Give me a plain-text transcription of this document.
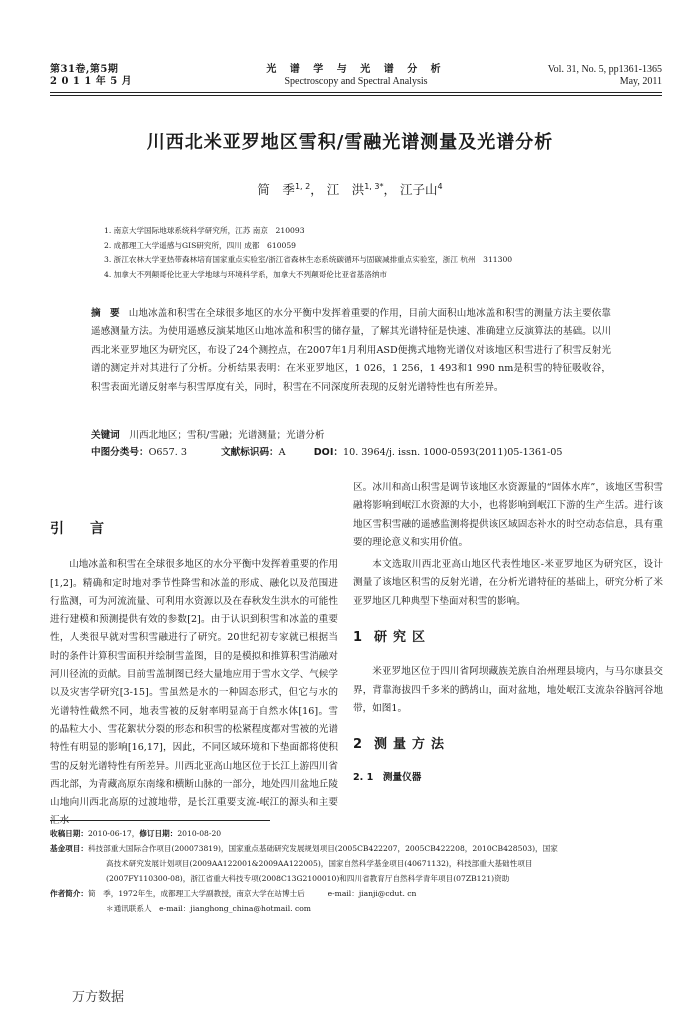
第31卷,第5期
2 0 1 1 年 5 月
光 谱 学 与 光 谱 分 析
Spectroscopy and Spectral Analysis
Vol. 31, No. 5, pp1361-1365
May, 2011
川西北米亚罗地区雪积/雪融光谱测量及光谱分析
简　季$^{1, 2}$， 江　洪$^{1, 3*}$， 江子山$^4$
1. 南京大学国际地球系统科学研究所，江苏 南京　210093
2. 成都理工大学遥感与GIS研究所，四川 成都　610059
3. 浙江农林大学亚热带森林培育国家重点实验室/浙江省森林生态系统碳循环与固碳减排重点实验室，浙江 杭州　311300
4. 加拿大不列颠哥伦比亚大学地球与环境科学系，加拿大不列颠哥伦比亚省基洛纳市
摘 要 山地冰盖和积雪在全球很多地区的水分平衡中发挥着重要的作用，目前大面积山地冰盖和积雪的测量方法主要依靠遥感测量方法。为使用遥感反演某地区山地冰盖和积雪的储存量，了解其光谱特征是快速、准确建立反演算法的基础。以川西北米亚罗地区为研究区，布设了24个测控点，在2007年1月利用ASD便携式地物光谱仪对该地区积雪进行了积雪反射光谱的测定并对其进行了分析。分析结果表明：在米亚罗地区，1 026，1 256，1 493和1 990 nm是积雪的特征吸收谷，积雪表面光谱反射率与积雪厚度有关，同时，积雪在不同深度所表现的反射光谱特性也有所差异。
关键词　 川西北地区；雪积/雪融；光谱测量；光谱分析
中图分类号：O657. 3	文献标识码：A	DOI：10. 3964/j. issn. 1000-0593(2011)05-1361-05
引　言

山地冰盖和积雪在全球很多地区的水分平衡中发挥着重要的作用[1,2]。精确和定时地对季节性降雪和冰盖的形成、融化以及范围进行监测，可为河流流量、可利用水资源以及在春秋发生洪水的可能性进行建模和预测提供有效的参数[2]。由于认识到积雪和冰盖的重要性，人类很早就对雪积雪融进行了研究。20世纪初专家就已根据当时的条件计算积雪面积并绘制雪盖图，目的是模拟和推算积雪消融对河川径流的贡献。目前雪盖制图已经大量地应用于雪水文学、气候学以及灾害学研究[3-15]。雪虽然是水的一种固态形式，但它与水的光谱特性截然不同，地表雪被的反射率明显高于自然水体[16]。雪的晶粒大小、雪花絮状分裂的形态和积雪的松紧程度都对雪被的光谱特性有明显的影响[16,17]，因此，不同区域环境和下垫面都将使积雪的反射光谱特性有所差异。川西北亚高山地区位于长江上游四川省西北部，为青藏高原东南缘和横断山脉的一部分，地处四川盆地丘陵山地向川西北高原的过渡地带，是长江重要支流-岷江的源头和主要汇水

区。冰川和高山积雪是调节该地区水资源量的“固体水库”，该地区雪积雪融将影响到岷江水资源的大小，也将影响到岷江下游的生产生活。进行该地区雪积雪融的遥感监测将提供该区域固态补水的时空动态信息，具有重要的理论意义和实用价值。

本文选取川西北亚高山地区代表性地区-米亚罗地区为研究区，设计测量了该地区积雪的反射光谱，在分析光谱特征的基础上，研究分析了米亚罗地区几种典型下垫面对积雪的影响。

1 研究区

米亚罗地区位于四川省阿坝藏族羌族自治州理县境内，与马尔康县交界，背靠海拔四千多米的鹧鸪山，面对盆地，地处岷江支流杂谷脑河谷地带，如图1。

2 测量方法
2. 1　测量仪器
收稿日期：2010-06-17，修订日期：2010-08-20
基金项目：科技部重大国际合作项目(200073819)，国家重点基础研究发展规划项目(2005CB422207，2005CB422208，2010CB428503)，国家
高技术研究发展计划项目(2009AA122001&2009AA122005)，国家自然科学基金项目(40671132)，科技部重大基础性项目
(2007FY110300-08)，浙江省重大科技专项(2008C13G2100010)和四川省教育厅自然科学青年项目(07ZB121)资助
作者简介：简　季，1972年生，成都理工大学副教授，南京大学在站博士后	e-mail：jianji@cdut. cn
＊通讯联系人　e-mail：jianghong_china@hotmail. com
万方数据
